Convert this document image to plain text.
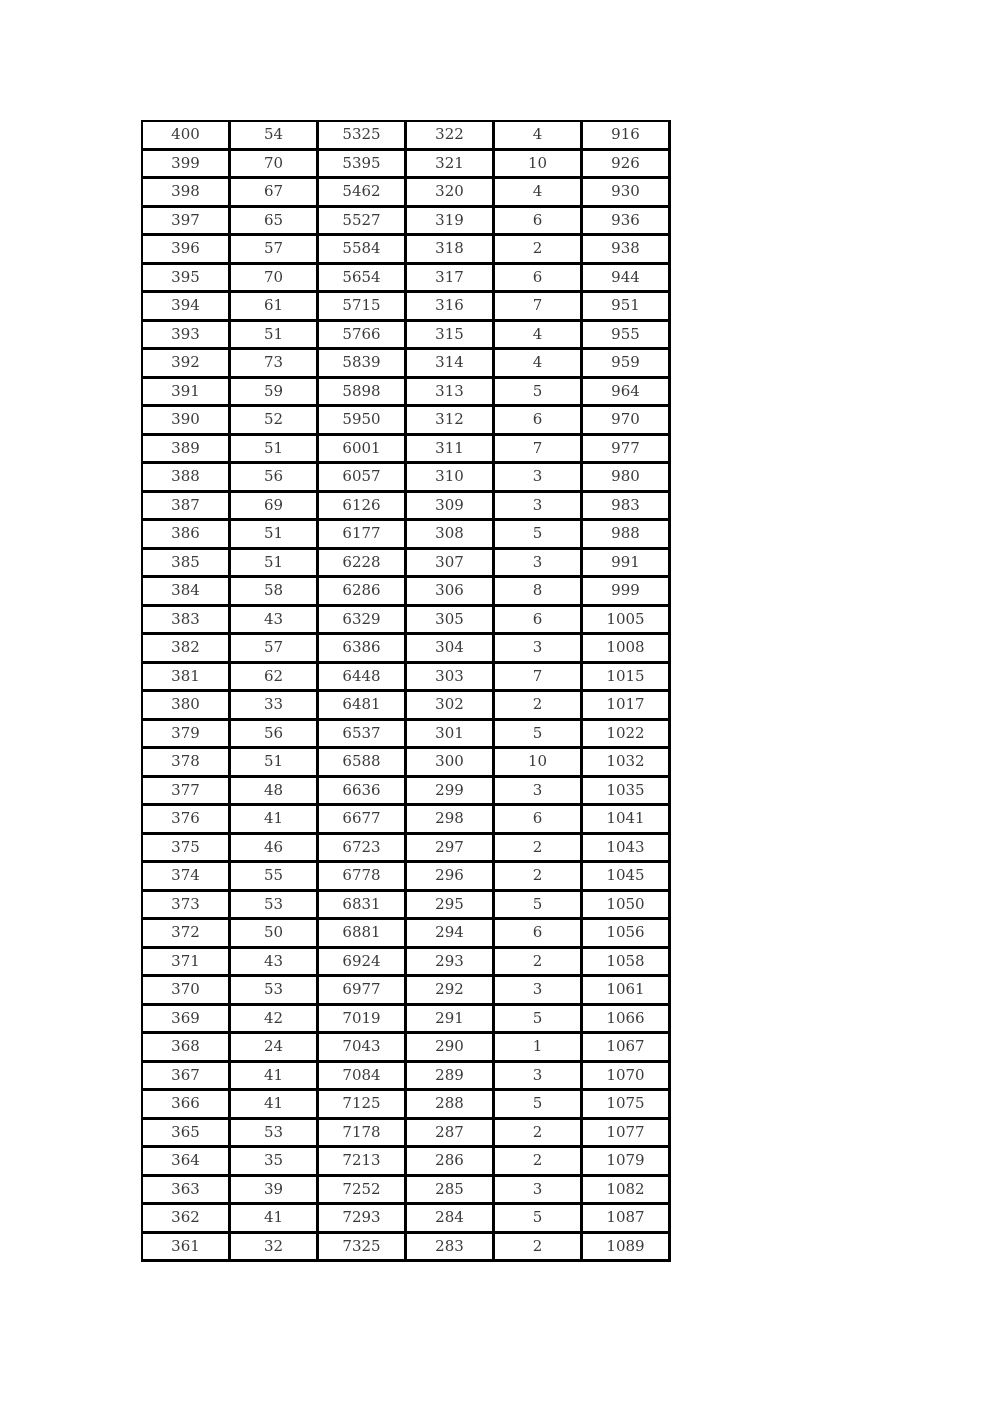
400	54	5325	322	4	916
399	70	5395	321	10	926
398	67	5462	320	4	930
397	65	5527	319	6	936
396	57	5584	318	2	938
395	70	5654	317	6	944
394	61	5715	316	7	951
393	51	5766	315	4	955
392	73	5839	314	4	959
391	59	5898	313	5	964
390	52	5950	312	6	970
389	51	6001	311	7	977
388	56	6057	310	3	980
387	69	6126	309	3	983
386	51	6177	308	5	988
385	51	6228	307	3	991
384	58	6286	306	8	999
383	43	6329	305	6	1005
382	57	6386	304	3	1008
381	62	6448	303	7	1015
380	33	6481	302	2	1017
379	56	6537	301	5	1022
378	51	6588	300	10	1032
377	48	6636	299	3	1035
376	41	6677	298	6	1041
375	46	6723	297	2	1043
374	55	6778	296	2	1045
373	53	6831	295	5	1050
372	50	6881	294	6	1056
371	43	6924	293	2	1058
370	53	6977	292	3	1061
369	42	7019	291	5	1066
368	24	7043	290	1	1067
367	41	7084	289	3	1070
366	41	7125	288	5	1075
365	53	7178	287	2	1077
364	35	7213	286	2	1079
363	39	7252	285	3	1082
362	41	7293	284	5	1087
361	32	7325	283	2	1089
